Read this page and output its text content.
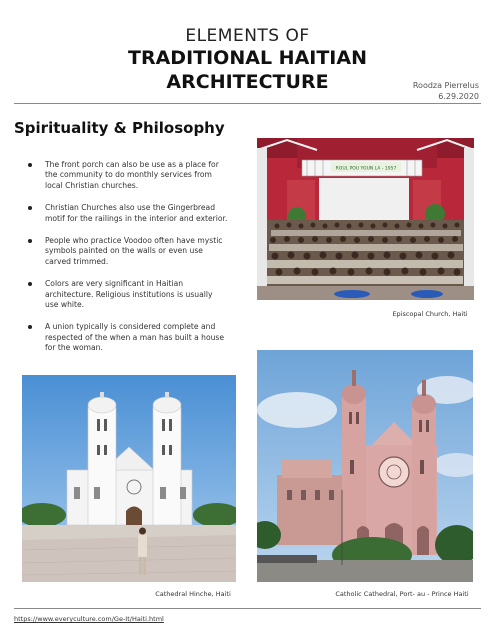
ELEMENTS OF
TRADITIONAL HAITIAN
ARCHITECTURE	Roodza Pierrelus
6.29.2020
Spirituality & Philosophy
The front porch can also be use as a place for the community to do monthly services from local Christian churches.
Christian Churches also use the Gingerbread motif for the railings in the interior and exterior.
People who practice Voodoo often have mystic symbols painted on the walls or even use carved trimmed.
Colors are very significant in Haitian architecture. Religious institutions is usually use white.
A union typically is considered complete and respected of the when a man has built a house for the woman.
ROUL POU YOUN LA - 1957
Episcopal Church, Haiti
Cathedral Hinche, Haiti	Catholic Cathedral, Port- au - Prince Haiti
https://www.everyculture.com/Ge-It/Haiti.html
